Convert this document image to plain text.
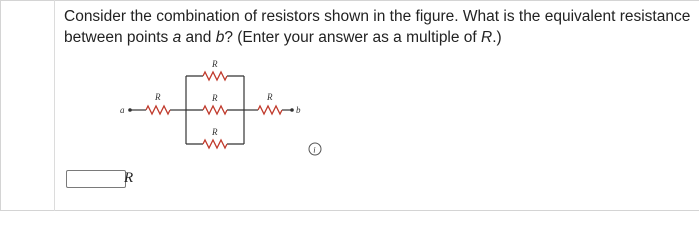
Consider the combination of resistors shown in the figure. What is the equivalent resistance between points a and b? (Enter your answer as a multiple of R.)
a	b
R
R
R
R
R
i
R
